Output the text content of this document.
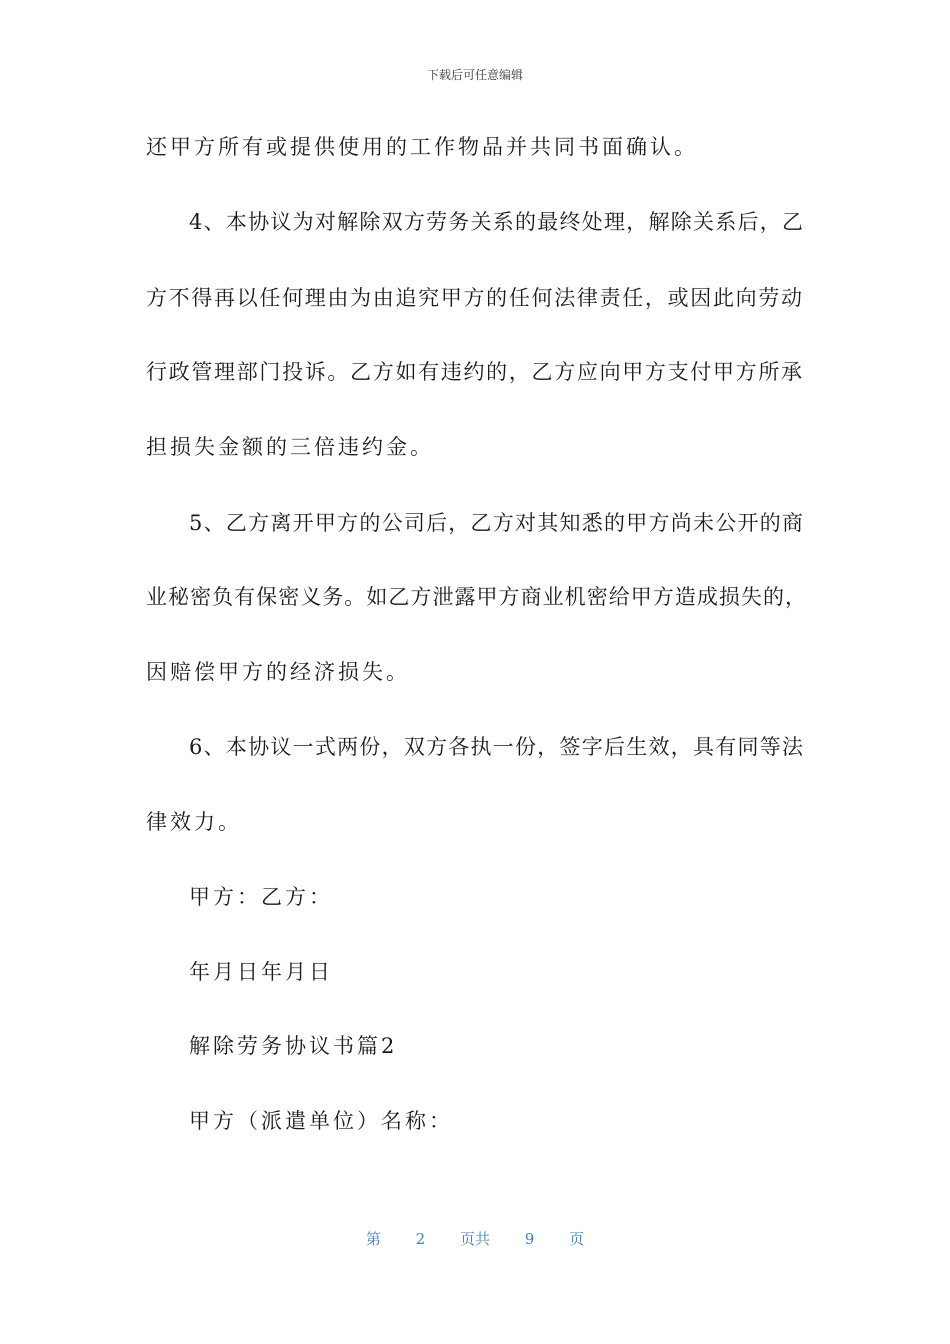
下载后可任意编辑
还甲方所有或提供使用的工作物品并共同书面确认。
4、本协议为对解除双方劳务关系的最终处理，解除关系后，乙
方不得再以任何理由为由追究甲方的任何法律责任，或因此向劳动
行政管理部门投诉。乙方如有违约的，乙方应向甲方支付甲方所承
担损失金额的三倍违约金。
5、乙方离开甲方的公司后，乙方对其知悉的甲方尚未公开的商
业秘密负有保密义务。如乙方泄露甲方商业机密给甲方造成损失的，
因赔偿甲方的经济损失。
6、本协议一式两份，双方各执一份，签字后生效，具有同等法
律效力。
甲方：乙方：
年月日年月日
解除劳务协议书篇2
甲方（派遣单位）名称：
第 2 页共 9 页
